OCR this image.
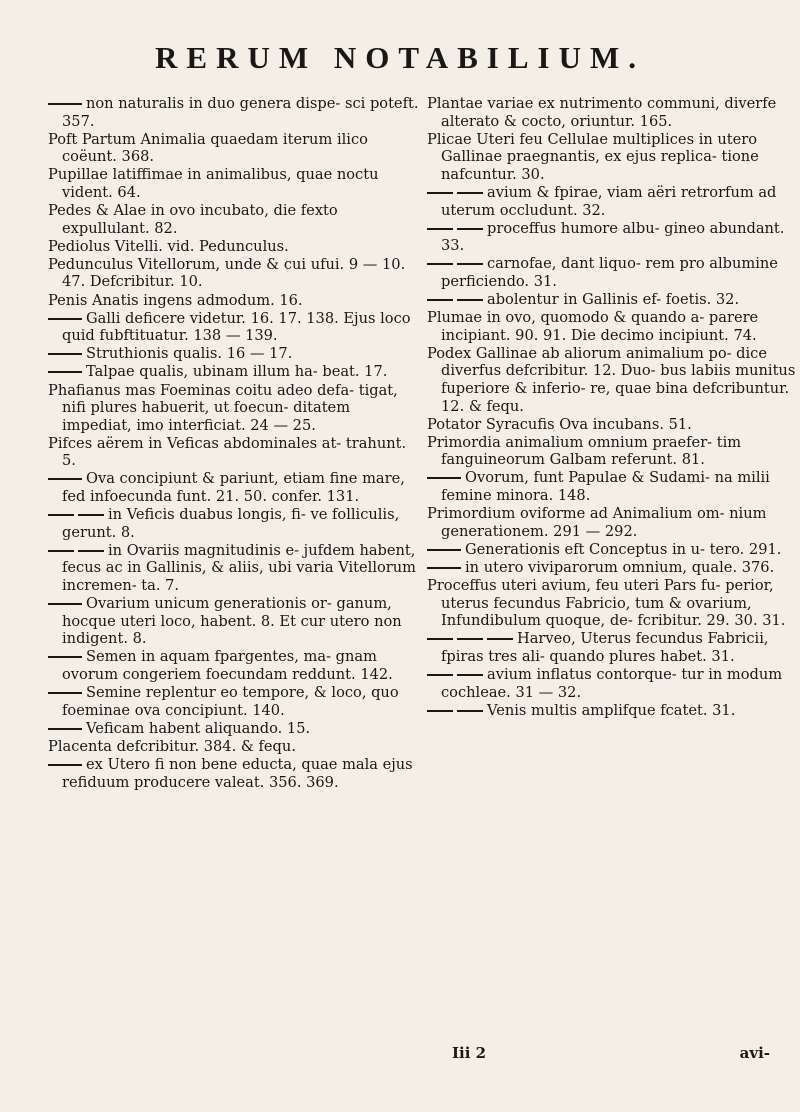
RERUM NOTABILIUM.

non naturalis in duo genera dispe- sci poteft. 357.

Poft Partum Animalia quaedam iterum ilico coëunt. 368.

Pupillae latiffimae in animalibus, quae noctu vident. 64.

Pedes & Alae in ovo incubato, die fexto expullulant. 82.

Pediolus Vitelli. vid. Pedunculus.

Pedunculus Vitellorum, unde & cui ufui. 9 — 10. 47. Defcribitur. 10.

Penis Anatis ingens admodum. 16.

Galli deficere videtur. 16. 17. 138. Ejus loco quid fubftituatur. 138 — 139.

Struthionis qualis. 16 — 17.

Talpae qualis, ubinam illum ha- beat. 17.

Phafianus mas Foeminas coitu adeo defa- tigat, nifi plures habuerit, ut foecun- ditatem impediat, imo interficiat. 24 — 25.

Pifces aërem in Veficas abdominales at- trahunt. 5.

Ova concipiunt & pariunt, etiam fine mare, fed infoecunda funt. 21. 50. confer. 131.

in Veficis duabus longis, fi- ve folliculis, gerunt. 8.

in Ovariis magnitudinis e- jufdem habent, fecus ac in Gallinis, & aliis, ubi varia Vitellorum incremen- ta. 7.

Ovarium unicum generationis or- ganum, hocque uteri loco, habent. 8. Et cur utero non indigent. 8.

Semen in aquam fpargentes, ma- gnam ovorum congeriem foecundam reddunt. 142.

Semine replentur eo tempore, & loco, quo foeminae ova concipiunt. 140.

Veficam habent aliquando. 15.

Placenta defcribitur. 384. & fequ.

ex Utero fi non bene educta, quae mala ejus refiduum producere valeat. 356. 369.

Plantae variae ex nutrimento communi, diverfe alterato & cocto, oriuntur. 165.

Plicae Uteri feu Cellulae multiplices in utero Gallinae praegnantis, ex ejus replica- tione nafcuntur. 30.

avium & fpirae, viam aëri retrorfum ad uterum occludunt. 32.

proceffus humore albu- gineo abundant. 33.

carnofae, dant liquo- rem pro albumine perficiendo. 31.

abolentur in Gallinis ef- foetis. 32.

Plumae in ovo, quomodo & quando a- parere incipiant. 90. 91. Die decimo incipiunt. 74.

Podex Gallinae ab aliorum animalium po- dice diverfus defcribitur. 12. Duo- bus labiis munitus fuperiore & inferio- re, quae bina defcribuntur. 12. & fequ.

Potator Syracufis Ova incubans. 51.

Primordia animalium omnium praefer- tim fanguineorum Galbam referunt. 81.

Ovorum, funt Papulae & Sudami- na milii femine minora. 148.

Primordium oviforme ad Animalium om- nium generationem. 291 — 292.

Generationis eft Conceptus in u- tero. 291.

in utero viviparorum omnium, quale. 376.

Proceffus uteri avium, feu uteri Pars fu- perior, uterus fecundus Fabricio, tum & ovarium, Infundibulum quoque, de- fcribitur. 29. 30. 31.

Harveo, Uterus fecundus Fabricii, fpiras tres ali- quando plures habet. 31.

avium inflatus contorque- tur in modum cochleae. 31 — 32.

Venis multis amplifque fcatet. 31.

Iii 2	avi-
